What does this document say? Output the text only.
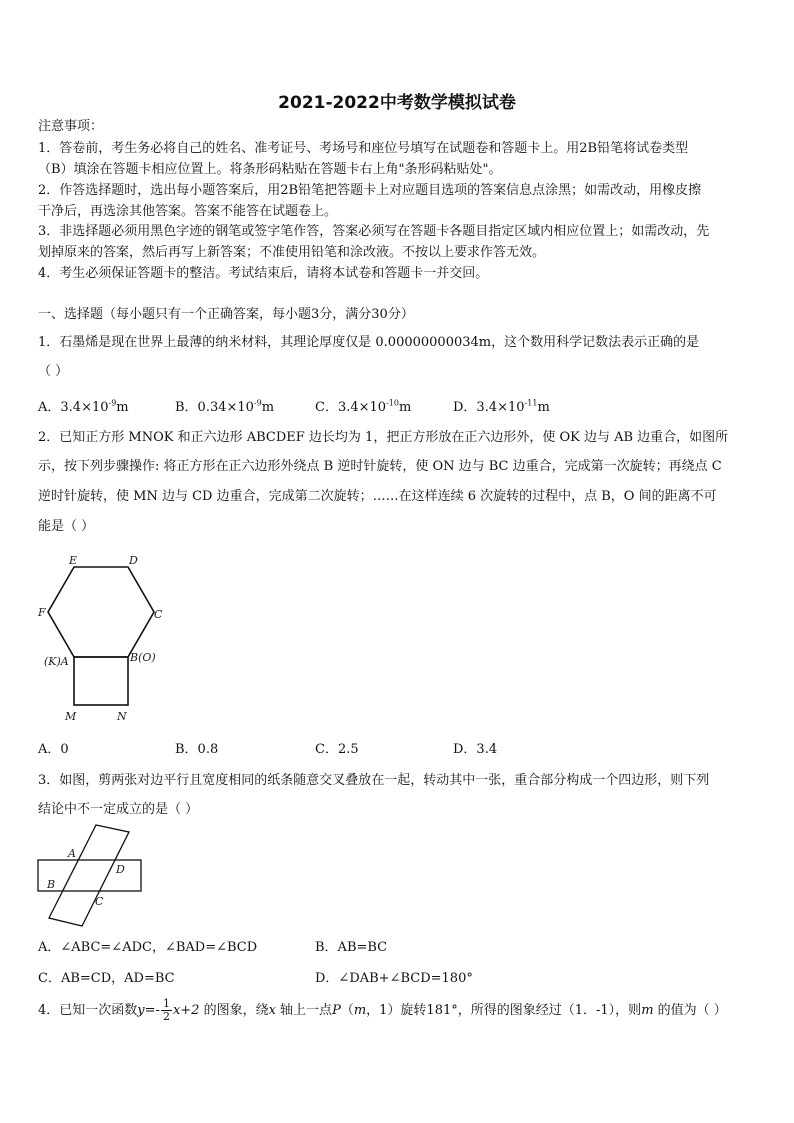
2021-2022中考数学模拟试卷
注意事项：
1．答卷前，考生务必将自己的姓名、准考证号、考场号和座位号填写在试题卷和答题卡上。用2B铅笔将试卷类型
（B）填涂在答题卡相应位置上。将条形码粘贴在答题卡右上角"条形码粘贴处"。
2．作答选择题时，选出每小题答案后，用2B铅笔把答题卡上对应题目选项的答案信息点涂黑；如需改动，用橡皮擦
干净后，再选涂其他答案。答案不能答在试题卷上。
3．非选择题必须用黑色字迹的钢笔或签字笔作答，答案必须写在答题卡各题目指定区域内相应位置上；如需改动，先
划掉原来的答案，然后再写上新答案；不准使用铅笔和涂改液。不按以上要求作答无效。
4．考生必须保证答题卡的整洁。考试结束后，请将本试卷和答题卡一并交回。
一、选择题（每小题只有一个正确答案，每小题3分，满分30分）
1．石墨烯是现在世界上最薄的纳米材料，其理论厚度仅是 0.00000000034m，这个数用科学记数法表示正确的是
（ ）
A．$3.4\times 10^{-9}m$	B．$0.34\times 10^{-9}m$	C．$3.4\times 10^{-10}m$	D．$3.4\times 10^{-11}m$
2．已知正方形 MNOK 和正六边形 ABCDEF 边长均为 1，把正方形放在正六边形外，使 OK 边与 AB 边重合，如图所
示，按下列步骤操作: 将正方形在正六边形外绕点 B 逆时针旋转，使 ON 边与 BC 边重合，完成第一次旋转；再绕点 C
逆时针旋转，使 MN 边与 CD 边重合，完成第二次旋转；……在这样连续 6 次旋转的过程中，点 B，O 间的距离不可
能是（ ）
E	D
F	C
(K)A	B(O)
M	N
A．0	B．0.8	C．2.5	D．3.4
3．如图，剪两张对边平行且宽度相同的纸条随意交叉叠放在一起，转动其中一张，重合部分构成一个四边形，则下列
结论中不一定成立的是（ ）
A
B
D
C
A．∠ABC=∠ADC，∠BAD=∠BCD	B．AB=BC
C．AB=CD，AD=BC	D．∠DAB+∠BCD=180°
4．已知一次函数$y=- \frac{1}{2} x+2$ 的图象，绕x 轴上一点P（m，1）旋转181°，所得的图象经过（1．-1），则m 的值为（ ）
